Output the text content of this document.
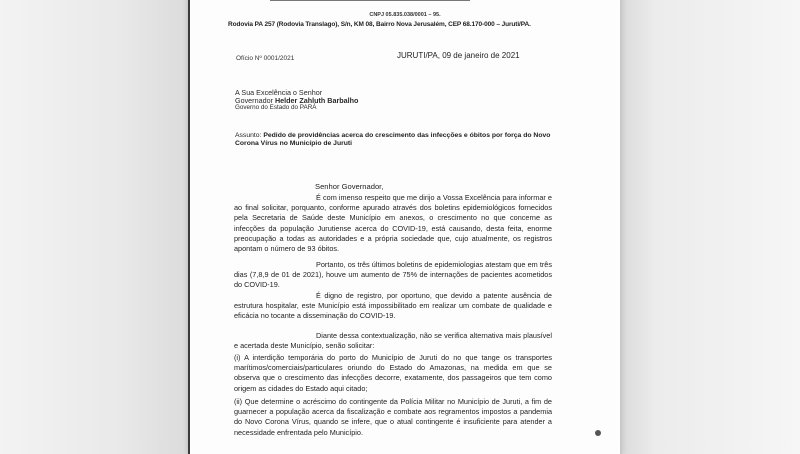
CNPJ 05.835.038/0001 – 95.
Rodovia PA 257 (Rodovia Translago), S/n, KM 08, Bairro Nova Jerusalém, CEP 68.170-000 – Juruti/PA.
Ofício Nº 0001/2021	JURUTI/PA, 09 de janeiro de 2021
A Sua Excelência o Senhor
Governador Helder Zahluth Barbalho
Governo do Estado do PARÁ
Assunto: Pedido de providências acerca do crescimento das infecções e óbitos por força do Novo Corona Vírus no Município de Juruti
Senhor Governador,
É com imenso respeito que me dirijo a Vossa Excelência para informar e ao final solicitar, porquanto, conforme apurado através dos boletins epidemiológicos fornecidos pela Secretaria de Saúde deste Município em anexos, o crescimento no que concerne as infecções da população Jurutiense acerca do COVID-19, está causando, desta feita, enorme preocupação a todas as autoridades e a própria sociedade que, cujo atualmente, os registros apontam o número de 93 óbitos.
Portanto, os três últimos boletins de epidemiologias atestam que em três dias (7,8,9 de 01 de 2021), houve um aumento de 75% de internações de pacientes acometidos do COVID-19.
É digno de registro, por oportuno, que devido a patente ausência de estrutura hospitalar, este Município está impossibilitado em realizar um combate de qualidade e eficácia no tocante a disseminação do COVID-19.
Diante dessa contextualização, não se verifica alternativa mais plausível e acertada deste Município, senão solicitar:
(i) A interdição temporária do porto do Município de Juruti do no que tange os transportes marítimos/comerciais/particulares oriundo do Estado do Amazonas, na medida em que se observa que o crescimento das infecções decorre, exatamente, dos passageiros que tem como origem as cidades do Estado aqui citado;
(ii) Que determine o acréscimo do contingente da Polícia Militar no Município de Juruti, a fim de guarnecer a população acerca da fiscalização e combate aos regramentos impostos a pandemia do Novo Corona Vírus, quando se infere, que o atual contingente é insuficiente para atender a necessidade enfrentada pelo Município.
